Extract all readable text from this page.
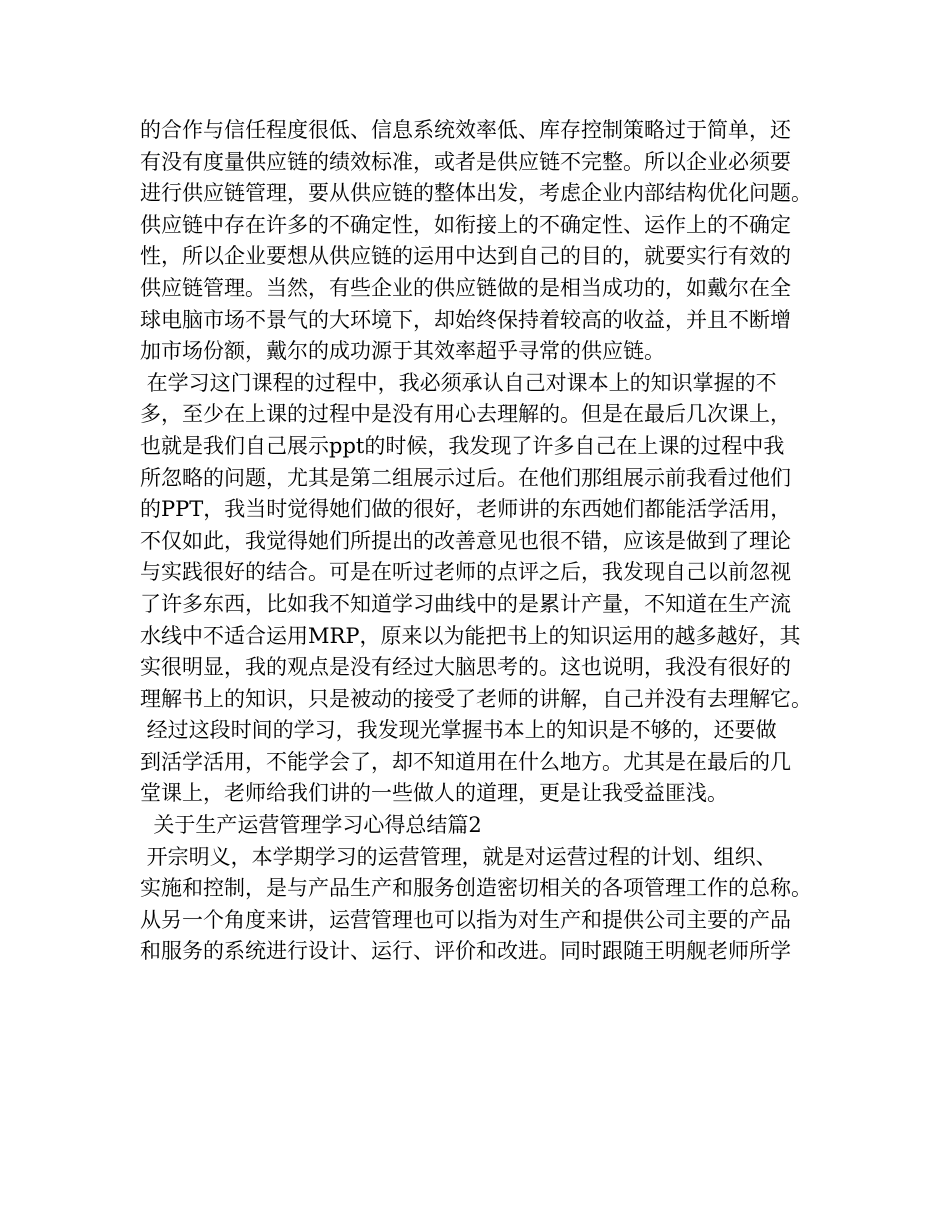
的合作与信任程度很低、信息系统效率低、库存控制策略过于简单，还
有没有度量供应链的绩效标准，或者是供应链不完整。所以企业必须要
进行供应链管理，要从供应链的整体出发，考虑企业内部结构优化问题。
供应链中存在许多的不确定性，如衔接上的不确定性、运作上的不确定
性，所以企业要想从供应链的运用中达到自己的目的，就要实行有效的
供应链管理。当然，有些企业的供应链做的是相当成功的，如戴尔在全
球电脑市场不景气的大环境下，却始终保持着较高的收益，并且不断增
加市场份额，戴尔的成功源于其效率超乎寻常的供应链。
在学习这门课程的过程中，我必须承认自己对课本上的知识掌握的不
多，至少在上课的过程中是没有用心去理解的。但是在最后几次课上，
也就是我们自己展示ppt的时候，我发现了许多自己在上课的过程中我
所忽略的问题，尤其是第二组展示过后。在他们那组展示前我看过他们
的PPT，我当时觉得她们做的很好，老师讲的东西她们都能活学活用，
不仅如此，我觉得她们所提出的改善意见也很不错，应该是做到了理论
与实践很好的结合。可是在听过老师的点评之后，我发现自己以前忽视
了许多东西，比如我不知道学习曲线中的是累计产量，不知道在生产流
水线中不适合运用MRP，原来以为能把书上的知识运用的越多越好，其
实很明显，我的观点是没有经过大脑思考的。这也说明，我没有很好的
理解书上的知识，只是被动的接受了老师的讲解，自己并没有去理解它。
经过这段时间的学习，我发现光掌握书本上的知识是不够的，还要做
到活学活用，不能学会了，却不知道用在什么地方。尤其是在最后的几
堂课上，老师给我们讲的一些做人的道理，更是让我受益匪浅。
关于生产运营管理学习心得总结篇2
开宗明义，本学期学习的运营管理，就是对运营过程的计划、组织、
实施和控制，是与产品生产和服务创造密切相关的各项管理工作的总称。
从另一个角度来讲，运营管理也可以指为对生产和提供公司主要的产品
和服务的系统进行设计、运行、评价和改进。同时跟随王明舰老师所学
